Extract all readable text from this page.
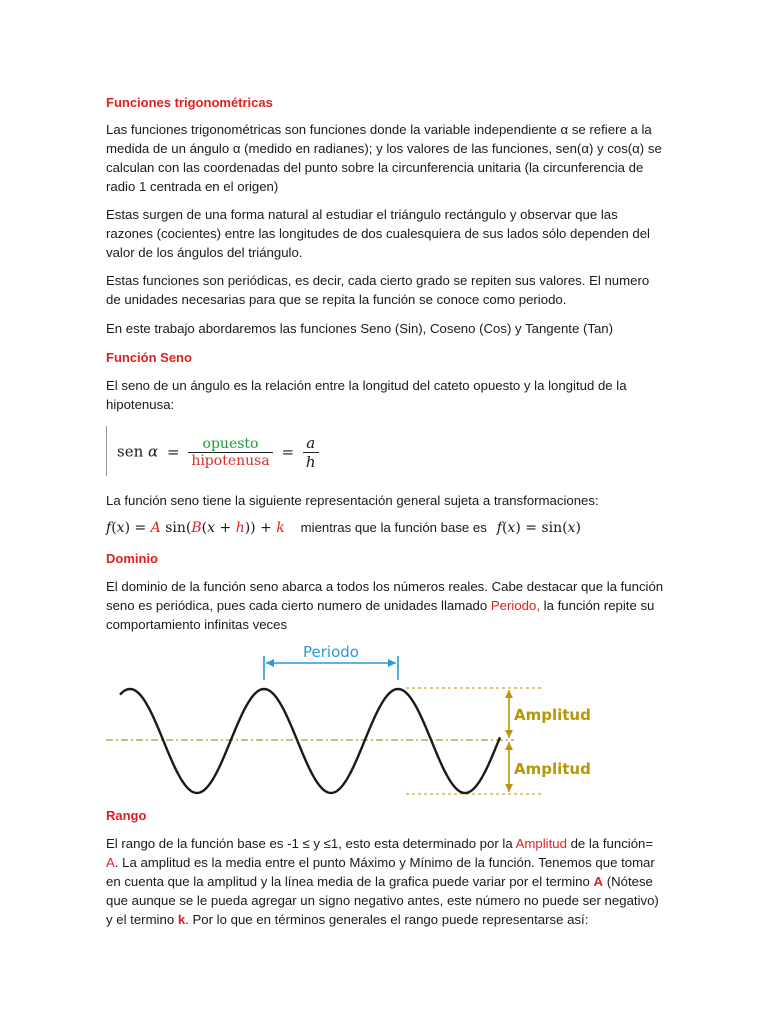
Funciones trigonométricas

Las funciones trigonométricas son funciones donde la variable independiente α se refiere a la medida de un ángulo α (medido en radianes); y los valores de las funciones, sen(α) y cos(α) se calculan con las coordenadas del punto sobre la circunferencia unitaria (la circunferencia de radio 1 centrada en el origen)

Estas surgen de una forma natural al estudiar el triángulo rectángulo y observar que las razones (cocientes) entre las longitudes de dos cualesquiera de sus lados sólo dependen del valor de los ángulos del triángulo.

Estas funciones son periódicas, es decir, cada cierto grado se repiten sus valores. El numero de unidades necesarias para que se repita la función se conoce como periodo.

En este trabajo abordaremos las funciones Seno (Sin), Coseno (Cos) y Tangente (Tan)

Función Seno

El seno de un ángulo es la relación entre la longitud del cateto opuesto y la longitud de la hipotenusa:

sen $\alpha = \frac{\text{opuesto}}{\text{hipotenusa}} = \frac{a}{h}$

La función seno tiene la siguiente representación general sujeta a transformaciones:

f(x) = A sin(B(x + h)) + k mientras que la función base es f(x) = sin(x)

Dominio

El dominio de la función seno abarca a todos los números reales. Cabe destacar que la función seno es periódica, pues cada cierto numero de unidades llamado Periodo, la función repite su comportamiento infinitas veces

Periodo
Amplitud
Amplitud

Rango

El rango de la función base es -1 ≤ y ≤1, esto esta determinado por la Amplitud de la función= A. La amplitud es la media entre el punto Máximo y Mínimo de la función. Tenemos que tomar en cuenta que la amplitud y la línea media de la grafica puede variar por el termino A (Nótese que aunque se le pueda agregar un signo negativo antes, este número no puede ser negativo) y el termino k. Por lo que en términos generales el rango puede representarse así:
